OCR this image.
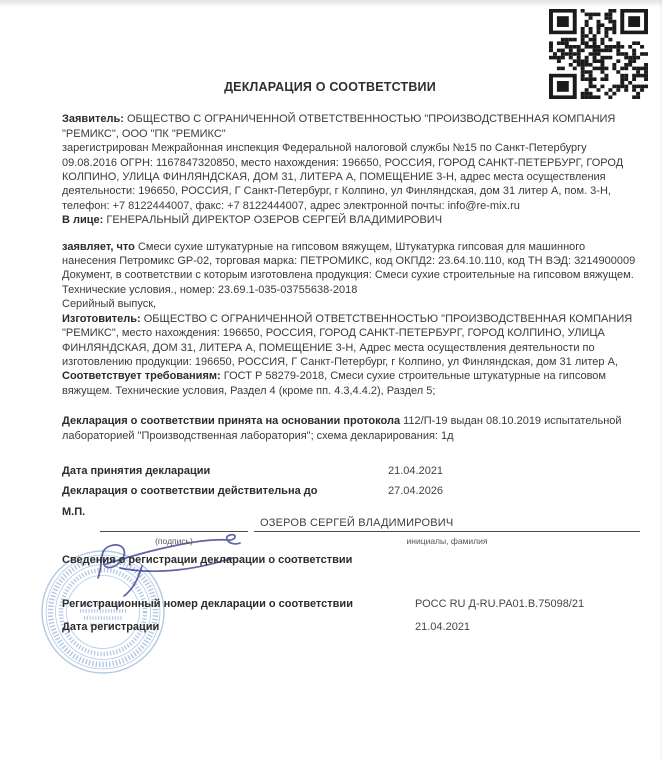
ДЕКЛАРАЦИЯ О СООТВЕТСТВИИ

Заявитель: ОБЩЕСТВО С ОГРАНИЧЕННОЙ ОТВЕТСТВЕННОСТЬЮ "ПРОИЗВОДСТВЕННАЯ КОМПАНИЯ "РЕМИКС", ООО "ПК "РЕМИКС"
зарегистрирован Межрайонная инспекция Федеральной налоговой службы №15 по Санкт-Петербургу 09.08.2016 ОГРН: 1167847320850, место нахождения: 196650, РОССИЯ, ГОРОД САНКТ-ПЕТЕРБУРГ, ГОРОД КОЛПИНО, УЛИЦА ФИНЛЯНДСКАЯ, ДОМ 31, ЛИТЕРА А, ПОМЕЩЕНИЕ 3-Н, адрес места осуществления деятельности: 196650, РОССИЯ, Г Санкт-Петербург, г Колпино, ул Финляндская, дом 31 литер А, пом. 3-Н, телефон: +7 8122444007, факс: +7 8122444007, адрес электронной почты: info@re-mix.ru
В лице: ГЕНЕРАЛЬНЫЙ ДИРЕКТОР ОЗЕРОВ СЕРГЕЙ ВЛАДИМИРОВИЧ

заявляет, что Смеси сухие штукатурные на гипсовом вяжущем, Штукатурка гипсовая для машинного нанесения Петромикс GP-02, торговая марка: ПЕТРОМИКС, код ОКПД2: 23.64.10.110, код ТН ВЭД: 3214900009
Документ, в соответствии с которым изготовлена продукция: Смеси сухие строительные на гипсовом вяжущем. Технические условия., номер: 23.69.1-035-03755638-2018
Серийный выпуск,
Изготовитель: ОБЩЕСТВО С ОГРАНИЧЕННОЙ ОТВЕТСТВЕННОСТЬЮ "ПРОИЗВОДСТВЕННАЯ КОМПАНИЯ "РЕМИКС", место нахождения: 196650, РОССИЯ, ГОРОД САНКТ-ПЕТЕРБУРГ, ГОРОД КОЛПИНО, УЛИЦА ФИНЛЯНДСКАЯ, ДОМ 31, ЛИТЕРА А, ПОМЕЩЕНИЕ 3-Н, Адрес места осуществления деятельности по изготовлению продукции: 196650, РОССИЯ, Г Санкт-Петербург, г Колпино, ул Финляндская, дом 31 литер А,
Соответствует требованиям: ГОСТ Р 58279-2018, Смеси сухие строительные штукатурные на гипсовом вяжущем. Технические условия, Раздел 4 (кроме пп. 4.3,4.4.2), Раздел 5;

Декларация о соответствии принята на основании протокола 112/П-19 выдан 08.10.2019 испытательной лабораторией "Производственная лаборатория"; схема декларирования: 1д

Дата принятия декларации	21.04.2021
Декларация о соответствии действительна до	27.04.2026
М.П.
(подпись)
ОЗЕРОВ СЕРГЕЙ ВЛАДИМИРОВИЧ
инициалы, фамилия
Сведения о регистрации декларации о соответствии
Регистрационный номер декларации о соответствии	РОСС RU Д-RU.РА01.В.75098/21
Дата регистрации	21.04.2021
